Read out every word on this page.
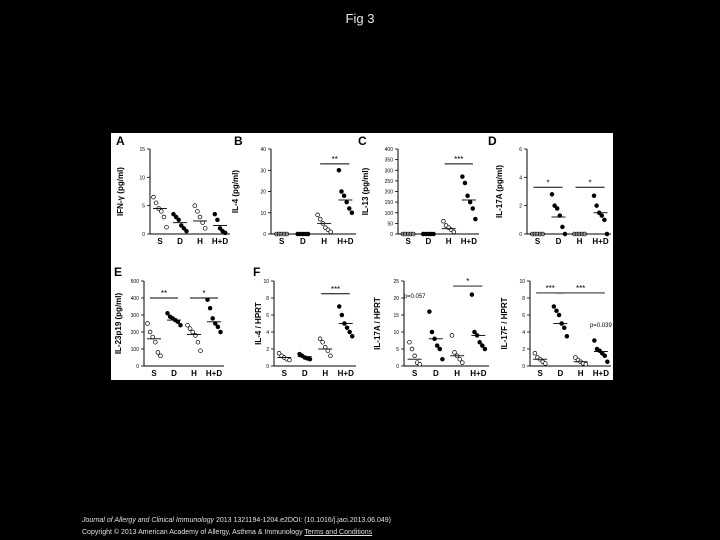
Fig 3
A	B	C	D
E	F
0
5
10
15
IFN-γ (pg/ml)
S D H H+D
0
10
20
30
40
IL-4 (pg/ml)
S D H H+D
**
0
50
100
150
200
250
300
350
400
IL-13 (pg/ml)
S D H H+D
***
0
2
4
6
IL-17A (pg/ml)
S D H H+D
*	*
0
100
200
300
400
500
IL-23p19 (pg/ml)
S D H H+D
**	*
0
2
4
6
8
10
IL-4 / HPRT
S D H H+D
***
0
5
10
15
20
25
IL-17A / HPRT
S D H H+D
*
p=0.057
0
2
4
6
8
10
IL-17F / HPRT
S D H H+D
***	***
p=0.039
Journal of Allergy and Clinical Immunology 2013 1321194-1204.e2DOI: (10.1016/j.jaci.2013.06.049)
Copyright © 2013 American Academy of Allergy, Asthma & Immunology Terms and Conditions
